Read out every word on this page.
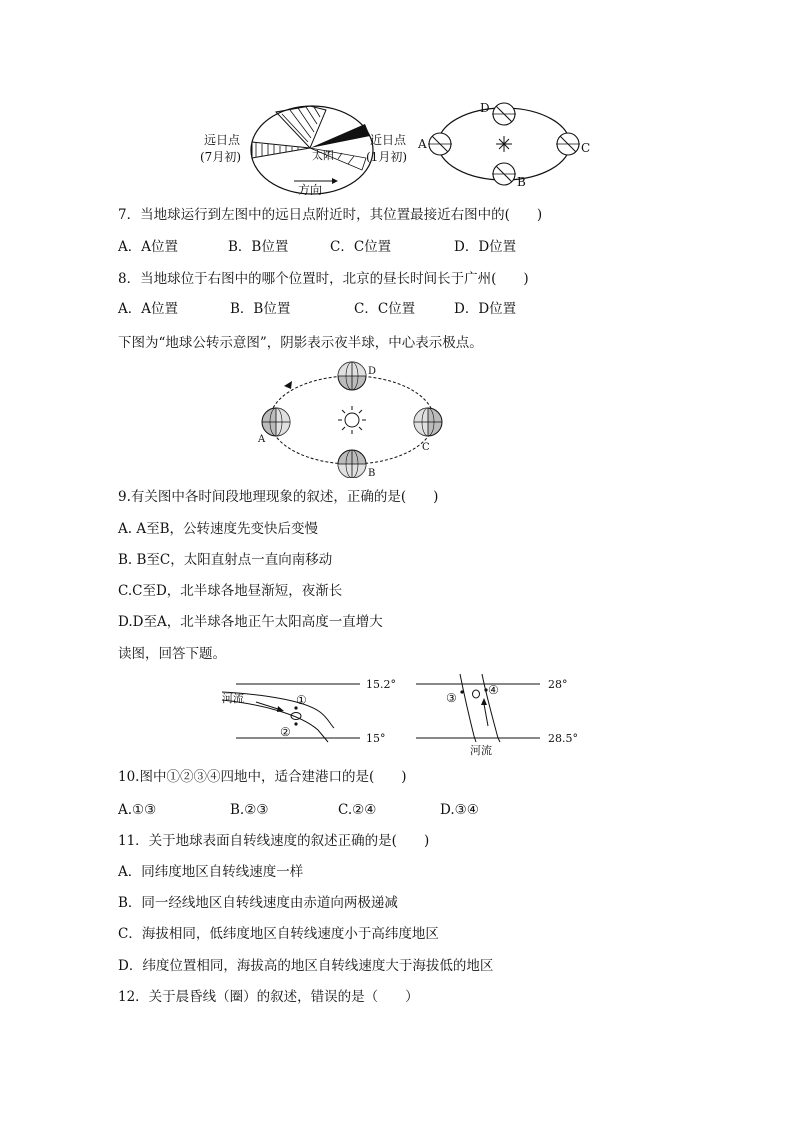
远日点
(7月初)
近日点
(1月初)
太阳
方向
A
B
C
D
7．当地球运行到左图中的远日点附近时，其位置最接近右图中的(　　)
A．A位置	B．B位置	C．C位置	D．D位置
8．当地球位于右图中的哪个位置时，北京的昼长时间长于广州(　　)
A．A位置	B．B位置	C．C位置	D．D位置
下图为“地球公转示意图”，阴影表示夜半球，中心表示极点。
A
B
C
D
9.有关图中各时间段地理现象的叙述，正确的是(　　)
A. A至B，公转速度先变快后变慢
B. B至C，太阳直射点一直向南移动
C.C至D，北半球各地昼渐短，夜渐长
D.D至A，北半球各地正午太阳高度一直增大
读图，回答下题。
河流
15.2°
15°
①
②
河流
28°
28.5°
③
④
10.图中①②③④四地中，适合建港口的是(　　)
A.①③	B.②③	C.②④	D.③④
11．关于地球表面自转线速度的叙述正确的是(　　)
A．同纬度地区自转线速度一样
B．同一经线地区自转线速度由赤道向两极递减
C．海拔相同，低纬度地区自转线速度小于高纬度地区
D．纬度位置相同，海拔高的地区自转线速度大于海拔低的地区
12．关于晨昏线（圈）的叙述，错误的是（　　）
